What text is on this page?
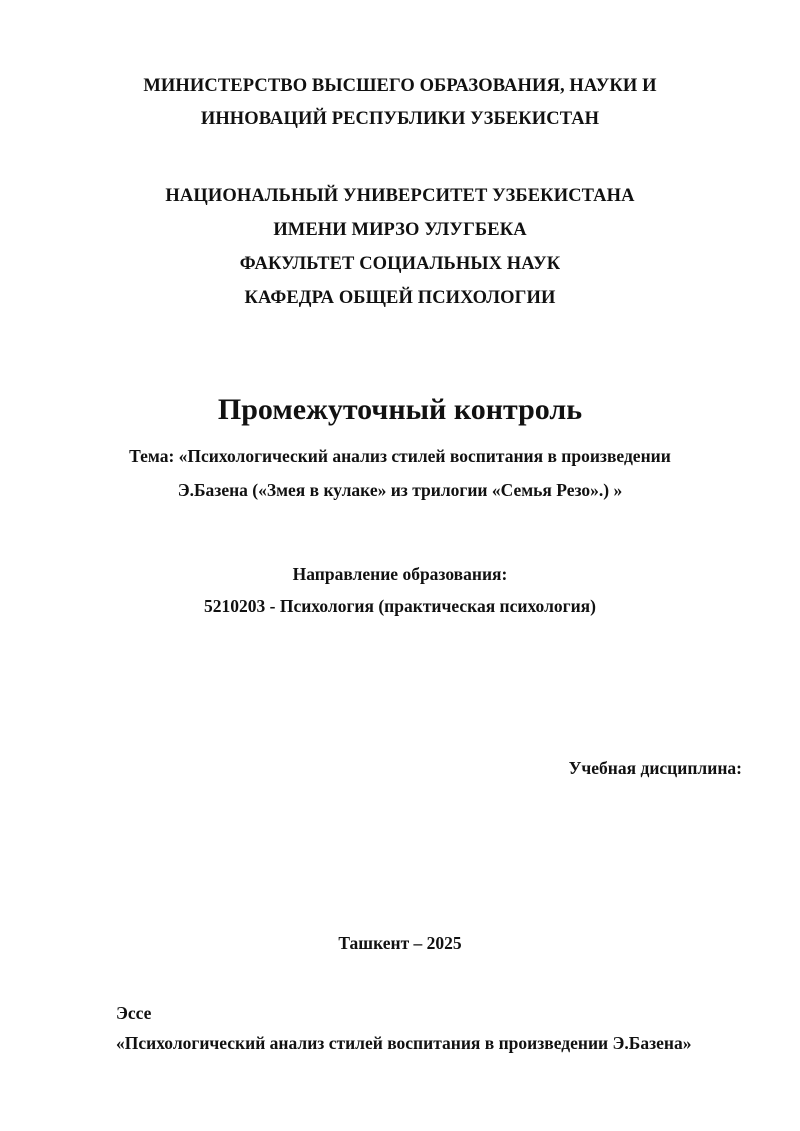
МИНИСТЕРСТВО ВЫСШЕГО ОБРАЗОВАНИЯ, НАУКИ И
ИННОВАЦИЙ РЕСПУБЛИКИ УЗБЕКИСТАН
НАЦИОНАЛЬНЫЙ УНИВЕРСИТЕТ УЗБЕКИСТАНА
ИМЕНИ МИРЗО УЛУГБЕКА
ФАКУЛЬТЕТ СОЦИАЛЬНЫХ НАУК
КАФЕДРА ОБЩЕЙ ПСИХОЛОГИИ
Промежуточный контроль
Тема: «Психологический анализ стилей воспитания в произведении
Э.Базена («Змея в кулаке» из трилогии «Семья Резо».) »
Направление образования:
5210203 - Психология (практическая психология)
Учебная дисциплина:
Ташкент – 2025
Эссе
«Психологический анализ стилей воспитания в произведении Э.Базена»
